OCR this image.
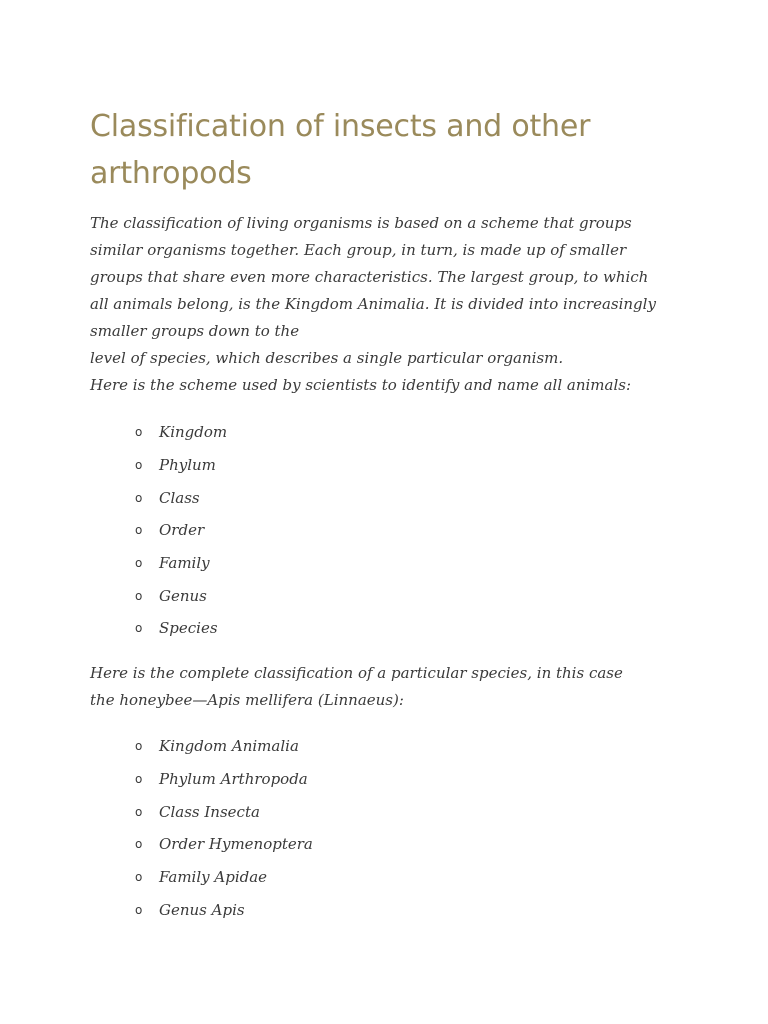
Classification of insects and other arthropods

The classification of living organisms is based on a scheme that groups
similar organisms together. Each group, in turn, is made up of smaller
groups that share even more characteristics. The largest group, to which
all animals belong, is the Kingdom Animalia. It is divided into increasingly
smaller groups down to the
level of species, which describes a single particular organism.
Here is the scheme used by scientists to identify and name all animals:

o	Kingdom
o	Phylum
o	Class
o	Order
o	Family
o	Genus
o	Species

Here is the complete classification of a particular species, in this case
the honeybee—Apis mellifera (Linnaeus):

o	Kingdom Animalia
o	Phylum Arthropoda
o	Class Insecta
o	Order Hymenoptera
o	Family Apidae
o	Genus Apis
